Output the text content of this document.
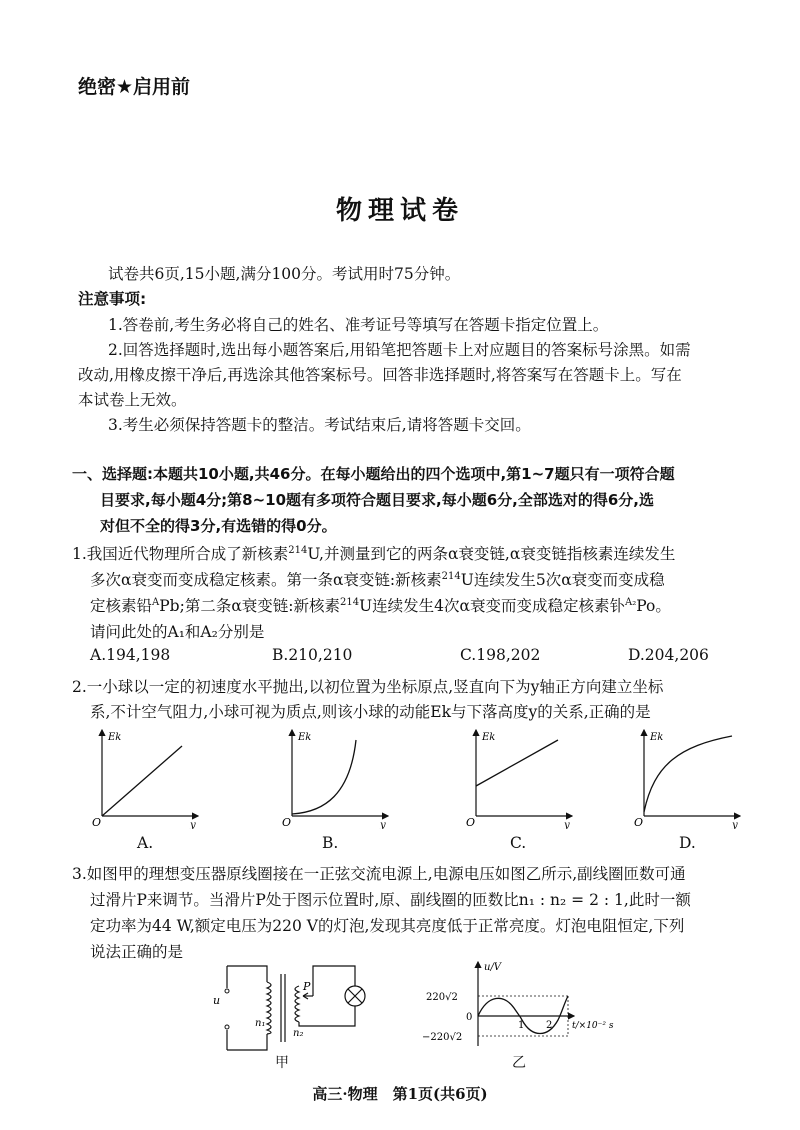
绝密★启用前
物理试卷
试卷共6页,15小题,满分100分。考试用时75分钟。
注意事项:
1.答卷前,考生务必将自己的姓名、准考证号等填写在答题卡指定位置上。
2.回答选择题时,选出每小题答案后,用铅笔把答题卡上对应题目的答案标号涂黑。如需
改动,用橡皮擦干净后,再选涂其他答案标号。回答非选择题时,将答案写在答题卡上。写在
本试卷上无效。
3.考生必须保持答题卡的整洁。考试结束后,请将答题卡交回。
一、选择题:本题共10小题,共46分。在每小题给出的四个选项中,第1~7题只有一项符合题
目要求,每小题4分;第8~10题有多项符合题目要求,每小题6分,全部选对的得6分,选
对但不全的得3分,有选错的得0分。
1.我国近代物理所合成了新核素$^{214}$U,并测量到它的两条α衰变链,α衰变链指核素连续发生
多次α衰变而变成稳定核素。第一条α衰变链:新核素$^{214}$U连续发生5次α衰变而变成稳
定核素铅$^A$Pb;第二条α衰变链:新核素$^{214}$U连续发生4次α衰变而变成稳定核素钋$^{A_2}$Po。
请问此处的A₁和A₂分别是
A.194,198	B.210,210	C.198,202	D.204,206
2.一小球以一定的初速度水平抛出,以初位置为坐标原点,竖直向下为y轴正方向建立坐标
系,不计空气阻力,小球可视为质点,则该小球的动能Ek与下落高度y的关系,正确的是
Ek
O	y
A.
Ek
O	y
B.
Ek
O	y
C.
Ek
O	y
D.
3.如图甲的理想变压器原线圈接在一正弦交流电源上,电源电压如图乙所示,副线圈匝数可通
过滑片P来调节。当滑片P处于图示位置时,原、副线圈的匝数比n₁ : n₂ = 2 : 1,此时一额
定功率为44 W,额定电压为220 V的灯泡,发现其亮度低于正常亮度。灯泡电阻恒定,下列
说法正确的是
u
n₁
n₂
P
甲
u/V
220√2
0
−220√2
1 2 t/×10⁻² s
乙
高三·物理　第1页(共6页)
